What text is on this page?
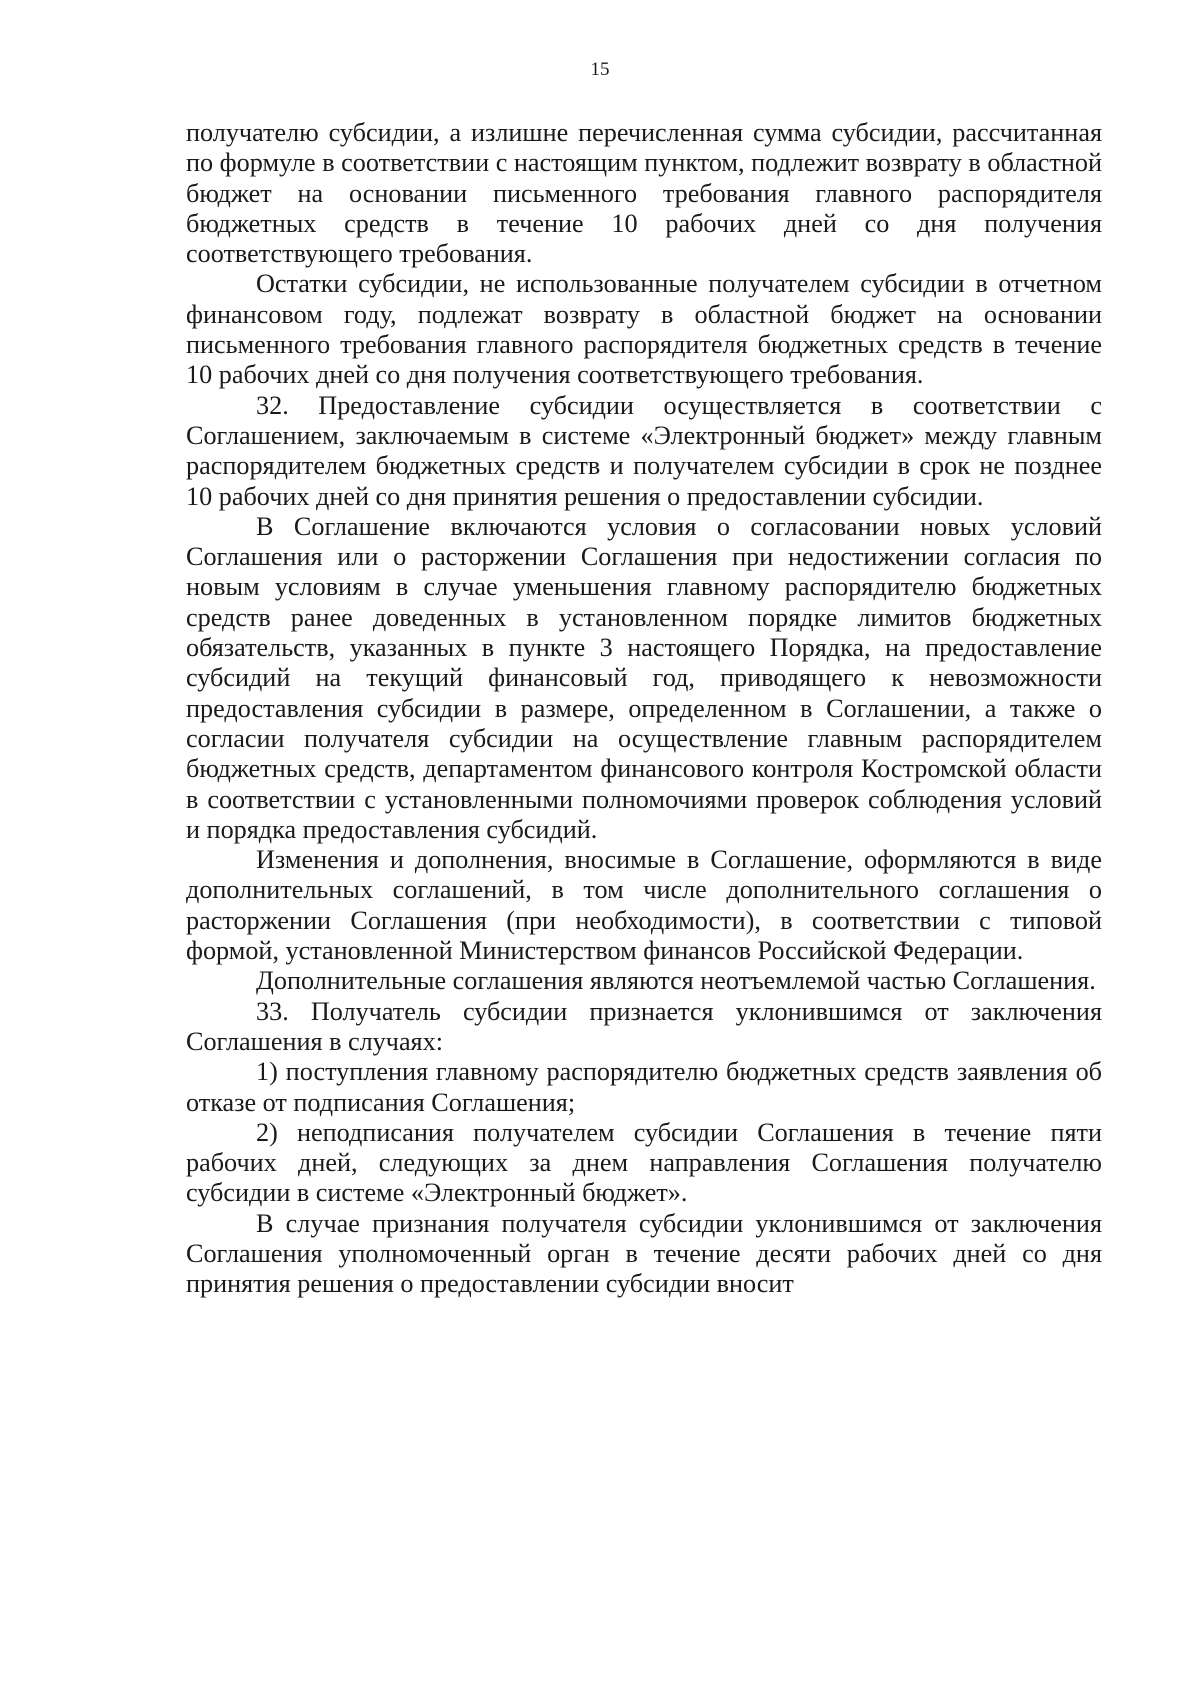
15

получателю субсидии, а излишне перечисленная сумма субсидии, рассчитанная по формуле в соответствии с настоящим пунктом, подлежит возврату в областной бюджет на основании письменного требования главного распорядителя бюджетных средств в течение 10 рабочих дней со дня получения соответствующего требования.

Остатки субсидии, не использованные получателем субсидии в отчетном финансовом году, подлежат возврату в областной бюджет на основании письменного требования главного распорядителя бюджетных средств в течение 10 рабочих дней со дня получения соответствующего требования.

32. Предоставление субсидии осуществляется в соответствии с Соглашением, заключаемым в системе «Электронный бюджет» между главным распорядителем бюджетных средств и получателем субсидии в срок не позднее 10 рабочих дней со дня принятия решения о предоставлении субсидии.

В Соглашение включаются условия о согласовании новых условий Соглашения или о расторжении Соглашения при недостижении согласия по новым условиям в случае уменьшения главному распорядителю бюджетных средств ранее доведенных в установленном порядке лимитов бюджетных обязательств, указанных в пункте 3 настоящего Порядка, на предоставление субсидий на текущий финансовый год, приводящего к невозможности предоставления субсидии в размере, определенном в Соглашении, а также о согласии получателя субсидии на осуществление главным распорядителем бюджетных средств, департаментом финансового контроля Костромской области в соответствии с установленными полномочиями проверок соблюдения условий и порядка предоставления субсидий.

Изменения и дополнения, вносимые в Соглашение, оформляются в виде дополнительных соглашений, в том числе дополнительного соглашения о расторжении Соглашения (при необходимости), в соответствии с типовой формой, установленной Министерством финансов Российской Федерации.

Дополнительные соглашения являются неотъемлемой частью Соглашения.

33. Получатель субсидии признается уклонившимся от заключения Соглашения в случаях:

1) поступления главному распорядителю бюджетных средств заявления об отказе от подписания Соглашения;

2) неподписания получателем субсидии Соглашения в течение пяти рабочих дней, следующих за днем направления Соглашения получателю субсидии в системе «Электронный бюджет».

В случае признания получателя субсидии уклонившимся от заключения Соглашения уполномоченный орган в течение десяти рабочих дней со дня принятия решения о предоставлении субсидии вносит
